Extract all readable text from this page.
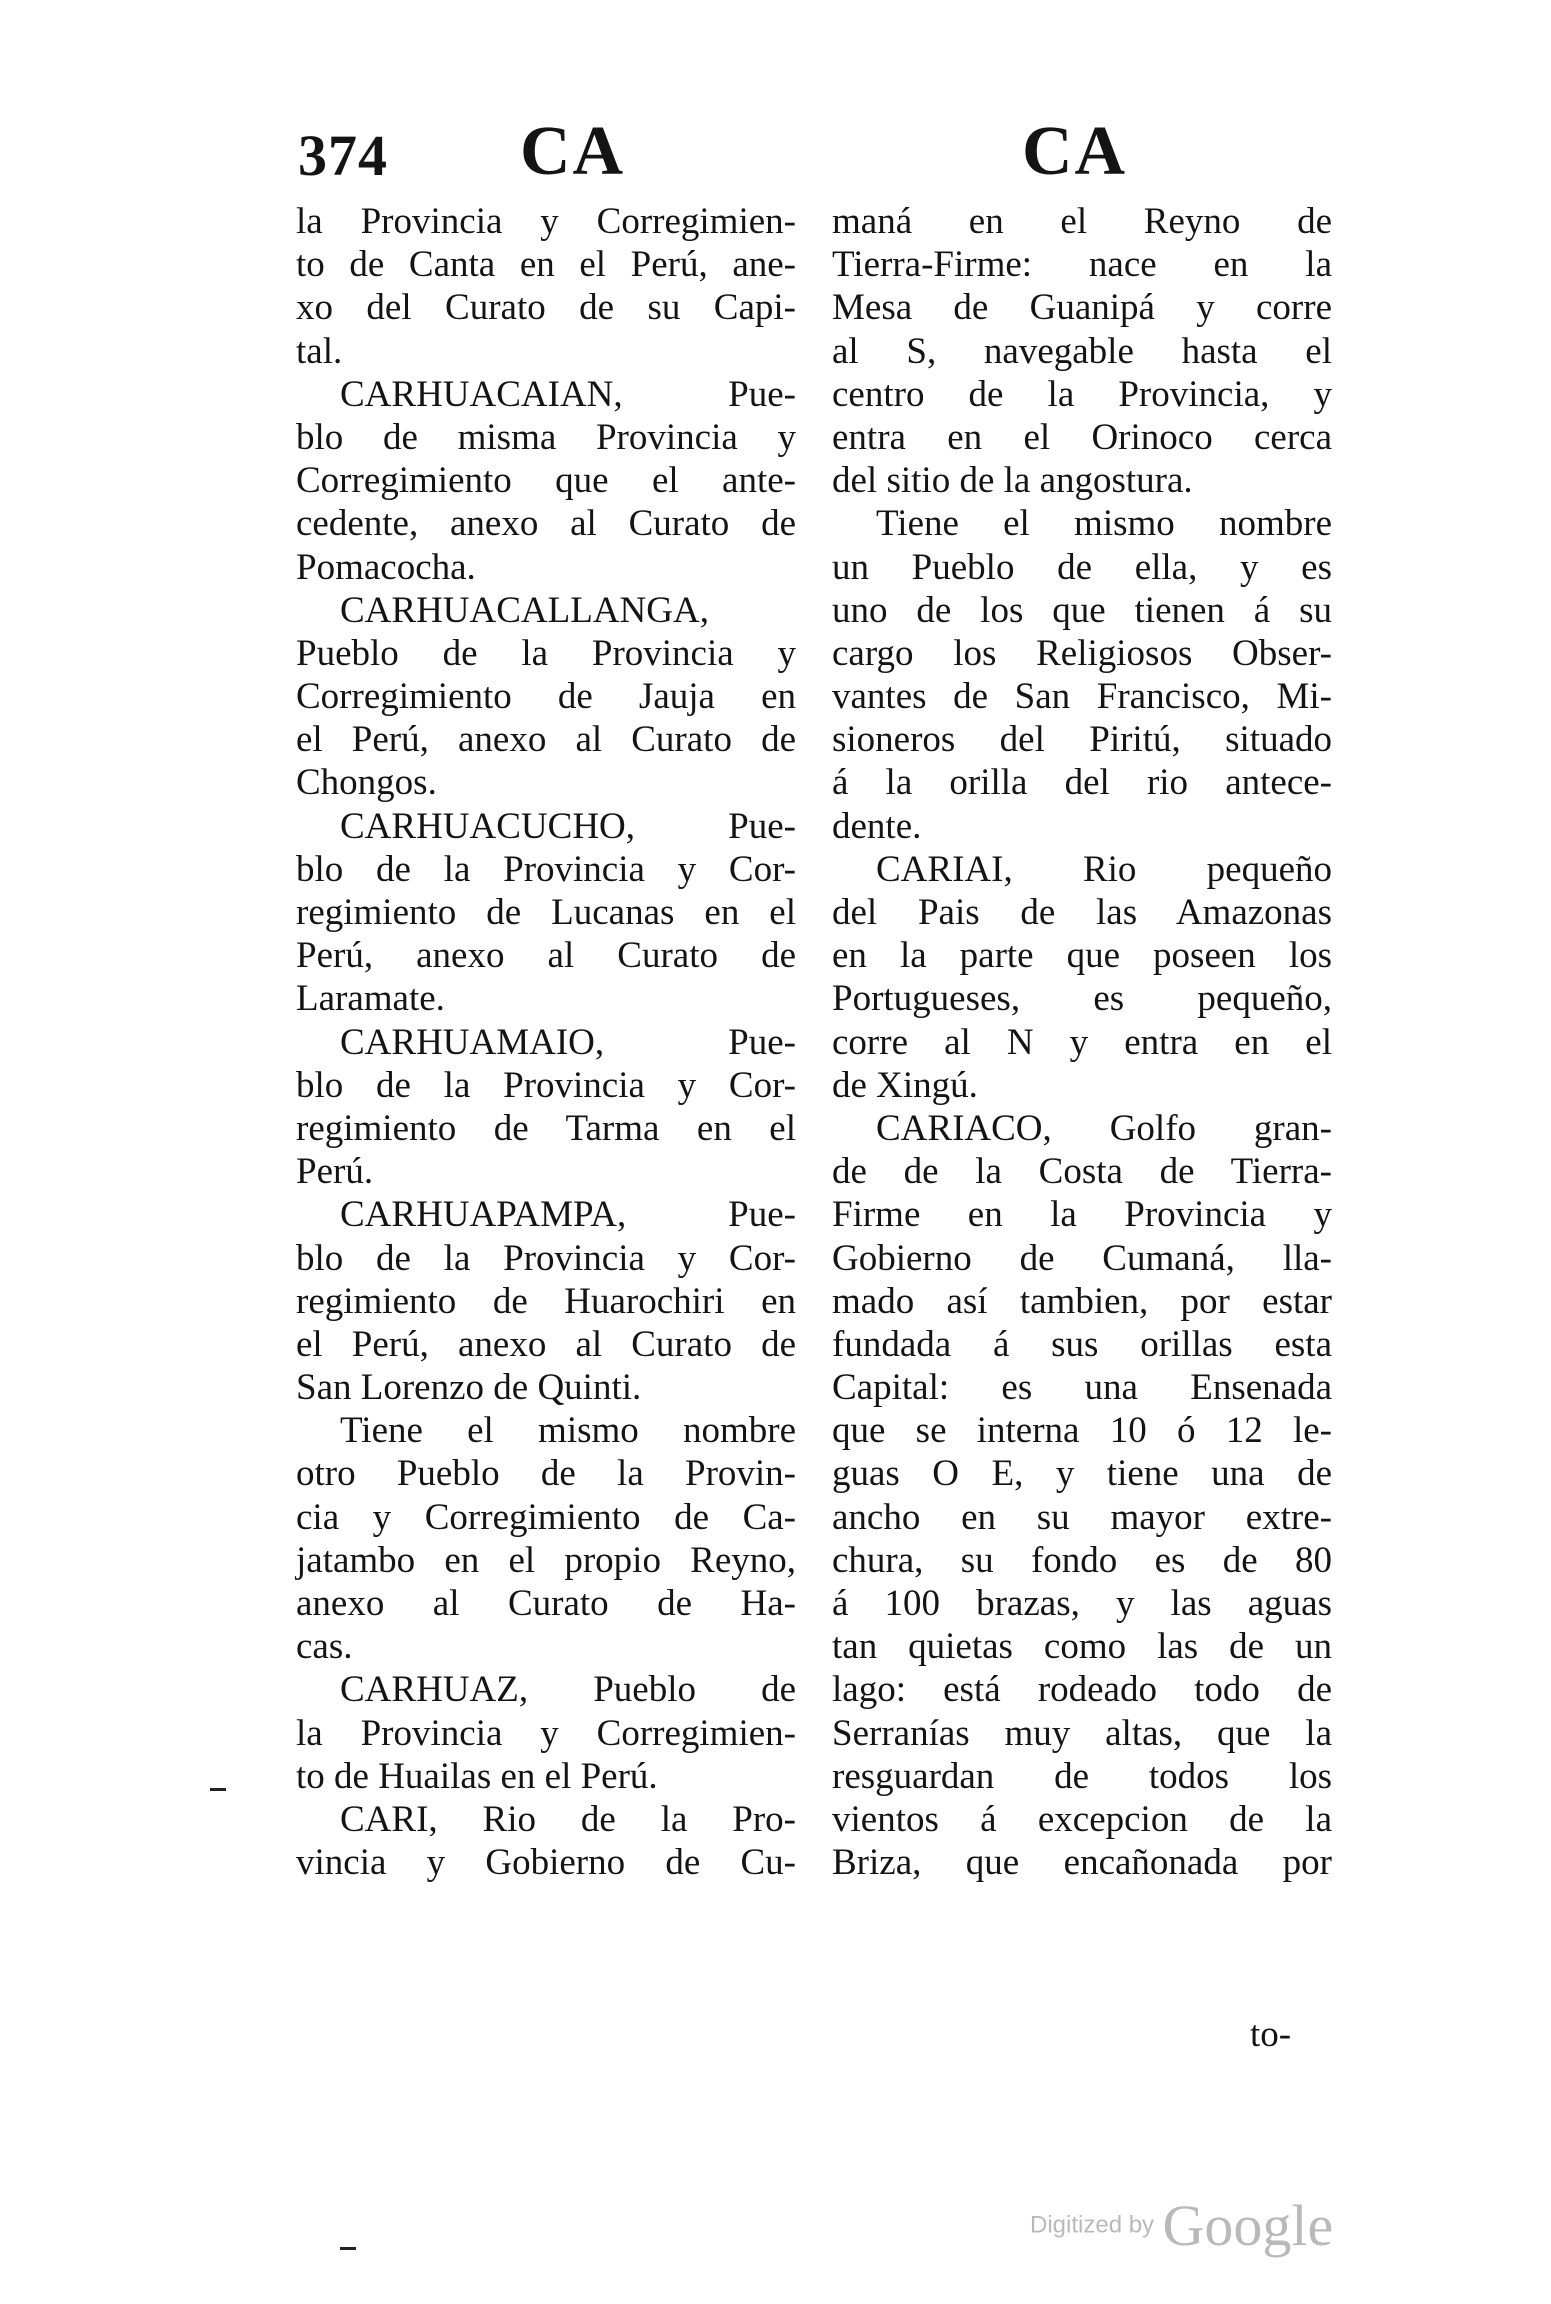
374 CA	CA
la Provincia y Corregimien-
to de Canta en el Perú, ane-
xo del Curato de su Capi-
tal.
CARHUACAIAN, Pue-
blo de misma Provincia y
Corregimiento que el ante-
cedente, anexo al Curato de
Pomacocha.
CARHUACALLANGA,
Pueblo de la Provincia y
Corregimiento de Jauja en
el Perú, anexo al Curato de
Chongos.
CARHUACUCHO, Pue-
blo de la Provincia y Cor-
regimiento de Lucanas en el
Perú, anexo al Curato de
Laramate.
CARHUAMAIO, Pue-
blo de la Provincia y Cor-
regimiento de Tarma en el
Perú.
CARHUAPAMPA, Pue-
blo de la Provincia y Cor-
regimiento de Huarochiri en
el Perú, anexo al Curato de
San Lorenzo de Quinti.
Tiene el mismo nombre
otro Pueblo de la Provin-
cia y Corregimiento de Ca-
jatambo en el propio Reyno,
anexo al Curato de Ha-
cas.
CARHUAZ, Pueblo de
la Provincia y Corregimien-
to de Huailas en el Perú.
CARI, Rio de la Pro-
vincia y Gobierno de Cu-
maná en el Reyno de
Tierra-Firme: nace en la
Mesa de Guanipá y corre
al S, navegable hasta el
centro de la Provincia, y
entra en el Orinoco cerca
del sitio de la angostura.
Tiene el mismo nombre
un Pueblo de ella, y es
uno de los que tienen á su
cargo los Religiosos Obser-
vantes de San Francisco, Mi-
sioneros del Piritú, situado
á la orilla del rio antece-
dente.
CARIAI, Rio pequeño
del Pais de las Amazonas
en la parte que poseen los
Portugueses, es pequeño,
corre al N y entra en el
de Xingú.
CARIACO, Golfo gran-
de de la Costa de Tierra-
Firme en la Provincia y
Gobierno de Cumaná, lla-
mado así tambien, por estar
fundada á sus orillas esta
Capital: es una Ensenada
que se interna 10 ó 12 le-
guas O E, y tiene una de
ancho en su mayor extre-
chura, su fondo es de 80
á 100 brazas, y las aguas
tan quietas como las de un
lago: está rodeado todo de
Serranías muy altas, que la
resguardan de todos los
vientos á excepcion de la
Briza, que encañonada por
to-
Digitized by Google
